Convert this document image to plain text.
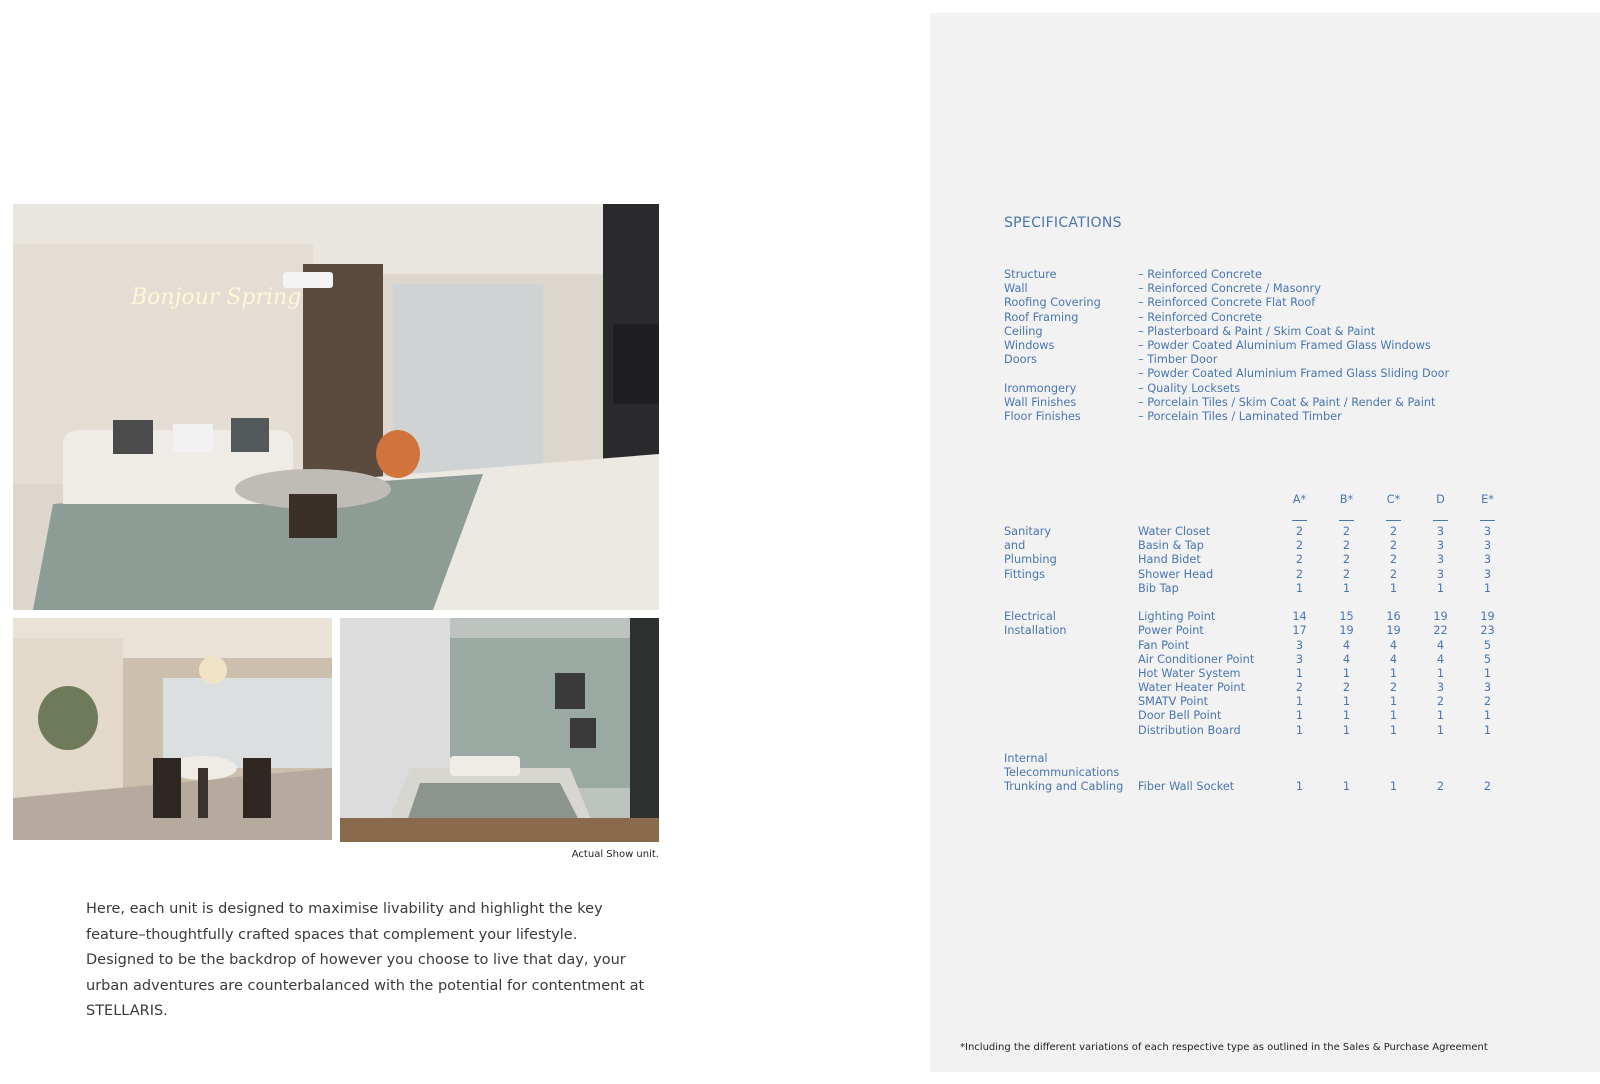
Bonjour Spring
Actual Show unit.

Here, each unit is designed to maximise livability and highlight the key feature–thoughtfully crafted spaces that complement your lifestyle. Designed to be the backdrop of however you choose to live that day, your urban adventures are counterbalanced with the potential for contentment at STELLARIS.

SPECIFICATIONS
Structure	– Reinforced Concrete
Wall	– Reinforced Concrete / Masonry
Roofing Covering	– Reinforced Concrete Flat Roof
Roof Framing	– Reinforced Concrete
Ceiling	– Plasterboard & Paint / Skim Coat & Paint
Windows	– Powder Coated Aluminium Framed Glass Windows
Doors	– Timber Door
– Powder Coated Aluminium Framed Glass Sliding Door
Ironmongery	– Quality Locksets
Wall Finishes	– Porcelain Tiles / Skim Coat & Paint / Render & Paint
Floor Finishes	– Porcelain Tiles / Laminated Timber
A*	B*	C*	D	E*
Sanitary
and
Plumbing
Fittings
Water Closet	2	2	2	3	3
Basin & Tap	2	2	2	3	3
Hand Bidet	2	2	2	3	3
Shower Head	2	2	2	3	3
Bib Tap	1	1	1	1	1
Electrical
Installation
Lighting Point	14	15	16	19	19
Power Point	17	19	19	22	23
Fan Point	3	4	4	4	5
Air Conditioner Point	3	4	4	4	5
Hot Water System	1	1	1	1	1
Water Heater Point	2	2	2	3	3
SMATV Point	1	1	1	2	2
Door Bell Point	1	1	1	1	1
Distribution Board	1	1	1	1	1
Internal
Telecommunications
Trunking and Cabling	Fiber Wall Socket	1	1	1	2	2
*Including the different variations of each respective type as outlined in the Sales & Purchase Agreement
